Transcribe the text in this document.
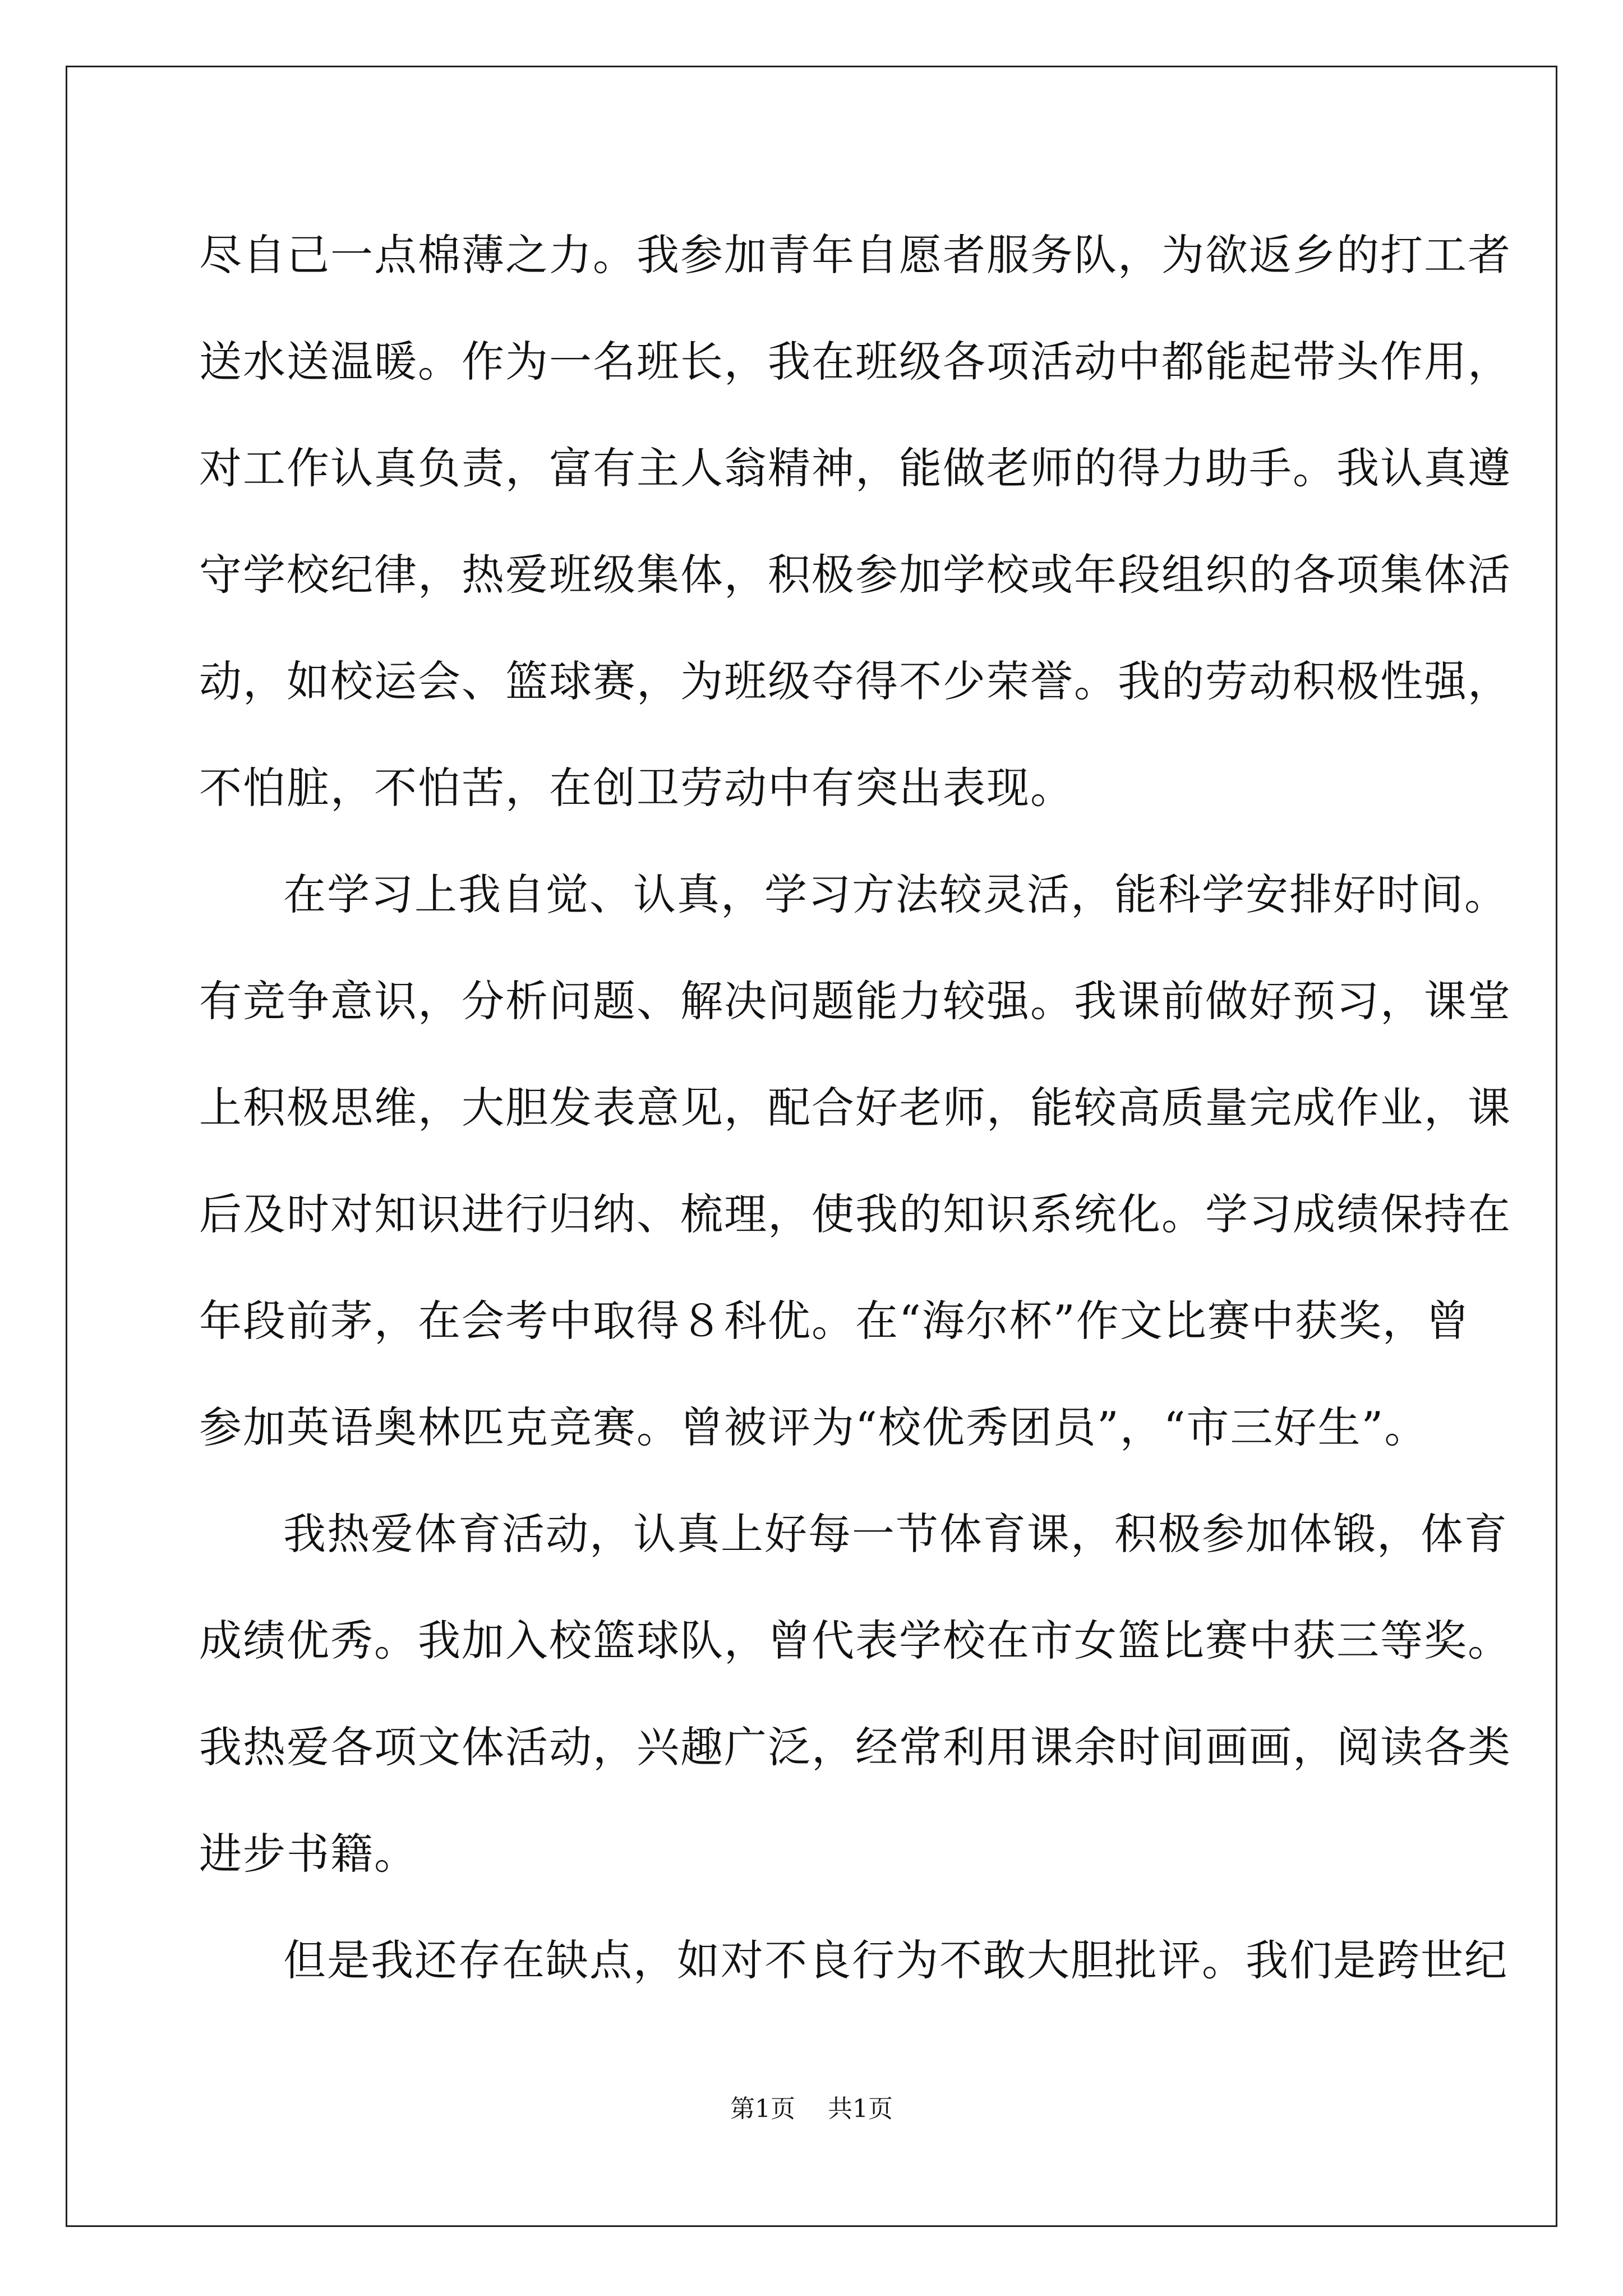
尽自己一点棉薄之力。我参加青年自愿者服务队，为欲返乡的打工者
送水送温暖。作为一名班长，我在班级各项活动中都能起带头作用，
对工作认真负责，富有主人翁精神，能做老师的得力助手。我认真遵
守学校纪律，热爱班级集体，积极参加学校或年段组织的各项集体活
动，如校运会、篮球赛，为班级夺得不少荣誉。我的劳动积极性强，
不怕脏，不怕苦，在创卫劳动中有突出表现。
在学习上我自觉、认真，学习方法较灵活，能科学安排好时间。
有竞争意识，分析问题、解决问题能力较强。我课前做好预习，课堂
上积极思维，大胆发表意见，配合好老师，能较高质量完成作业，课
后及时对知识进行归纳、梳理，使我的知识系统化。学习成绩保持在
年段前茅，在会考中取得８科优。在“海尔杯”作文比赛中获奖，曾
参加英语奥林匹克竞赛。曾被评为“校优秀团员”，“市三好生”。
我热爱体育活动，认真上好每一节体育课，积极参加体锻，体育
成绩优秀。我加入校篮球队，曾代表学校在市女篮比赛中获三等奖。
我热爱各项文体活动，兴趣广泛，经常利用课余时间画画，阅读各类
进步书籍。
但是我还存在缺点，如对不良行为不敢大胆批评。我们是跨世纪
第1页 共1页
